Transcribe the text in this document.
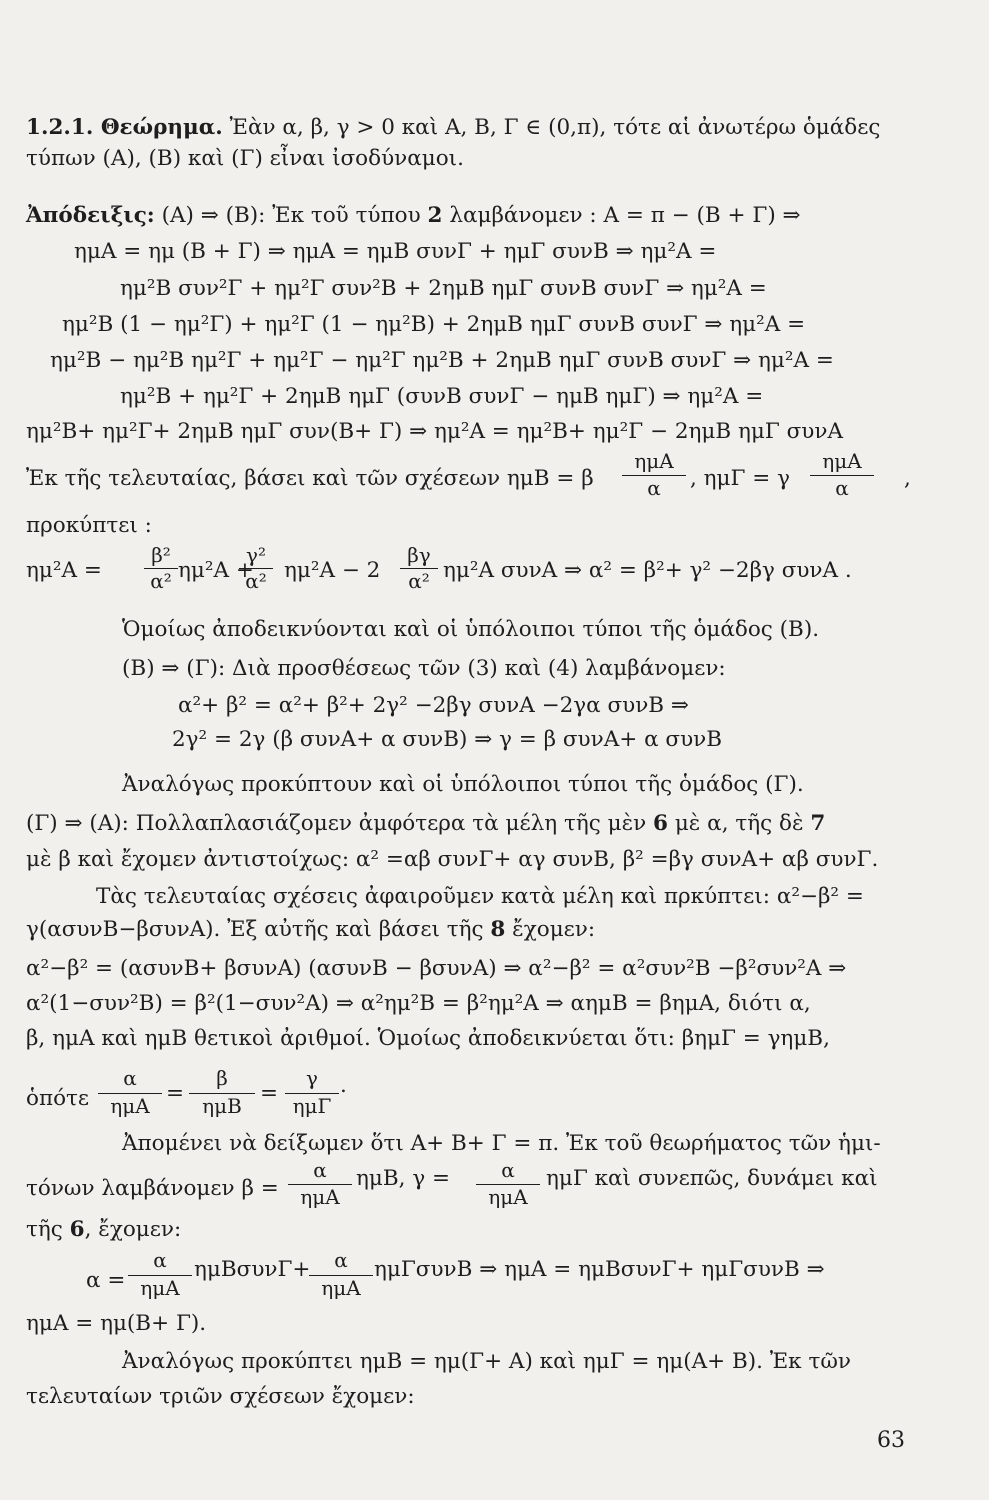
1.2.1. Θεώρημα. Ἐὰν α, β, γ > 0 καὶ Α, Β, Γ ∈ (0,π), τότε αἱ ἀνωτέρω ὁμάδες
τύπων (Α), (Β) καὶ (Γ) εἶναι ἰσοδύναμοι.
Ἀπόδειξις: (Α) ⇒ (Β): Ἐκ τοῦ τύπου 2 λαμβάνομεν : Α = π − (Β + Γ) ⇒
ημΑ = ημ (Β + Γ) ⇒ ημΑ = ημΒ συνΓ + ημΓ συνΒ ⇒ ημ²Α =
ημ²Β συν²Γ + ημ²Γ συν²Β + 2ημΒ ημΓ συνΒ συνΓ ⇒ ημ²Α =
ημ²Β (1 − ημ²Γ) + ημ²Γ (1 − ημ²Β) + 2ημΒ ημΓ συνΒ συνΓ ⇒ ημ²Α =
ημ²Β − ημ²Β ημ²Γ + ημ²Γ − ημ²Γ ημ²Β + 2ημΒ ημΓ συνΒ συνΓ ⇒ ημ²Α =
ημ²Β + ημ²Γ + 2ημΒ ημΓ (συνΒ συνΓ − ημΒ ημΓ) ⇒ ημ²Α =
ημ²Β+ ημ²Γ+ 2ημΒ ημΓ συν(Β+ Γ) ⇒ ημ²Α = ημ²Β+ ημ²Γ − 2ημΒ ημΓ συνΑ
Ἐκ τῆς τελευταίας, βάσει καὶ τῶν σχέσεων ημΒ = β
ημΑ
α	, ημΓ = γ
ημΑ
α	,
προκύπτει :
ημ²Α =
β²
α² ημ²Α +
γ²
α² ημ²Α − 2
βγ
α² ημ²Α συνΑ ⇒ α² = β²+ γ² −2βγ συνΑ .
Ὁμοίως ἀποδεικνύονται καὶ οἱ ὑπόλοιποι τύποι τῆς ὁμάδος (Β).
(Β) ⇒ (Γ): Διὰ προσθέσεως τῶν (3) καὶ (4) λαμβάνομεν:
α²+ β² = α²+ β²+ 2γ² −2βγ συνΑ −2γα συνΒ ⇒
2γ² = 2γ (β συνΑ+ α συνΒ) ⇒ γ = β συνΑ+ α συνΒ
Ἀναλόγως προκύπτουν καὶ οἱ ὑπόλοιποι τύποι τῆς ὁμάδος (Γ).
(Γ) ⇒ (Α): Πολλαπλασιάζομεν ἀμφότερα τὰ μέλη τῆς μὲν 6 μὲ α, τῆς δὲ 7
μὲ β καὶ ἔχομεν ἀντιστοίχως: α² =αβ συνΓ+ αγ συνΒ, β² =βγ συνΑ+ αβ συνΓ.
Τὰς τελευταίας σχέσεις ἀφαιροῦμεν κατὰ μέλη καὶ πρκύπτει: α²−β² =
γ(ασυνΒ−βσυνΑ). Ἐξ αὐτῆς καὶ βάσει τῆς 8 ἔχομεν:
α²−β² = (ασυνΒ+ βσυνΑ) (ασυνΒ − βσυνΑ) ⇒ α²−β² = α²συν²Β −β²συν²Α ⇒
α²(1−συν²Β) = β²(1−συν²Α) ⇒ α²ημ²Β = β²ημ²Α ⇒ αημΒ = βημΑ, διότι α,
β, ημΑ καὶ ημΒ θετικοὶ ἀριθμοί. Ὁμοίως ἀποδεικνύεται ὅτι: βημΓ = γημΒ,
ὁπότε
α
ημΑ =
β
ημΒ =
γ
ημΓ
.
Ἀπομένει νὰ δείξωμεν ὅτι Α+ Β+ Γ = π. Ἐκ τοῦ θεωρήματος τῶν ἡμι-
τόνων λαμβάνομεν β =
α
ημΑ
ημΒ, γ =	α
ημΑ
ημΓ καὶ συνεπῶς, δυνάμει καὶ
τῆς 6, ἔχομεν:
α =
α
ημΑ
ημΒσυνΓ+ α
ημΑ
ημΓσυνΒ ⇒ ημΑ = ημΒσυνΓ+ ημΓσυνΒ ⇒
ημΑ = ημ(Β+ Γ).
Ἀναλόγως προκύπτει ημΒ = ημ(Γ+ Α) καὶ ημΓ = ημ(Α+ Β). Ἐκ τῶν
τελευταίων τριῶν σχέσεων ἔχομεν:
63
